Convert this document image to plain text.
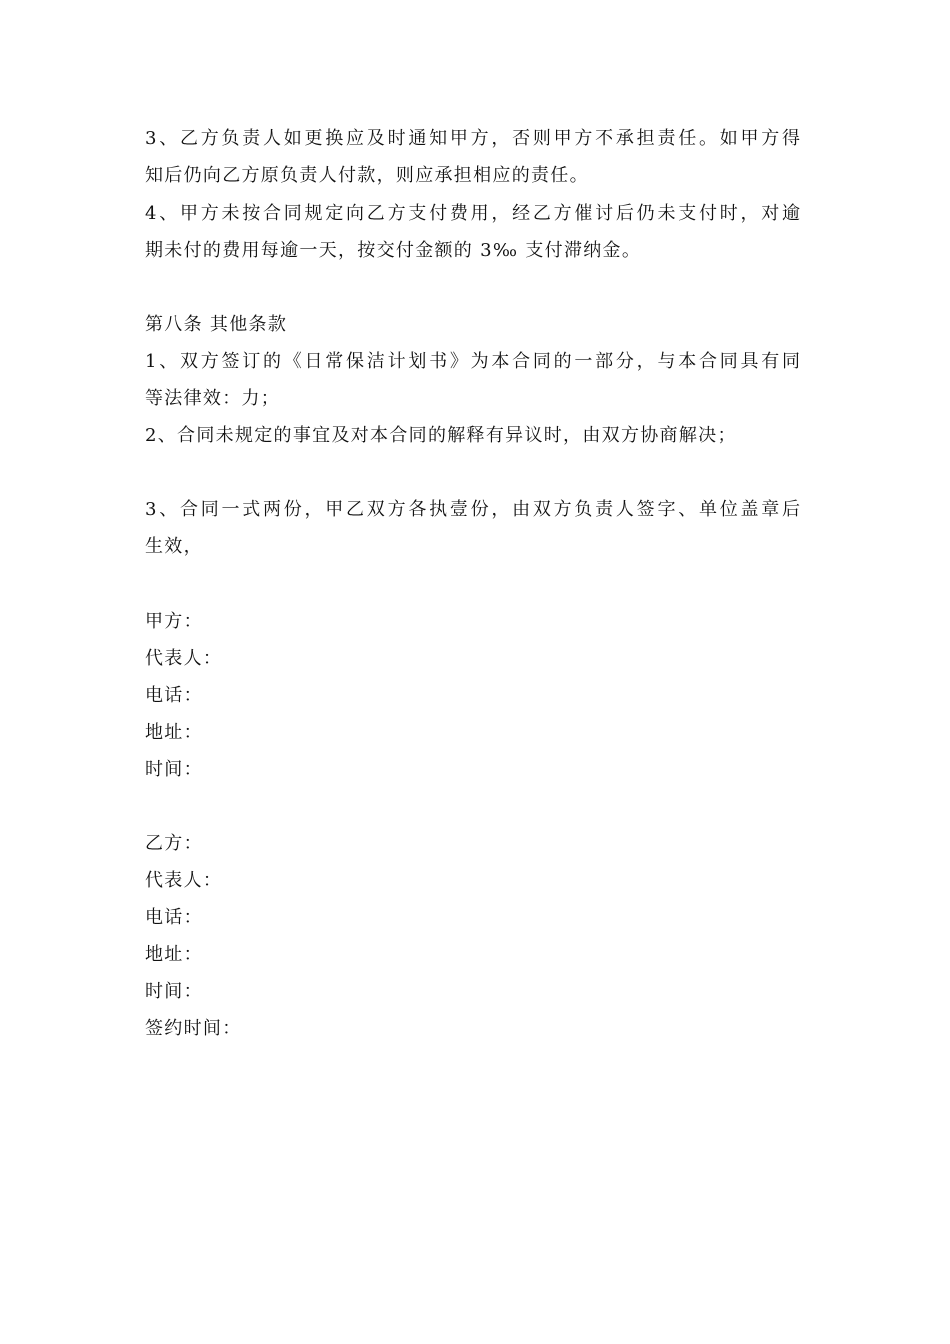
3、乙方负责人如更换应及时通知甲方，否则甲方不承担责任。如甲方得
知后仍向乙方原负责人付款，则应承担相应的责任。
4、甲方未按合同规定向乙方支付费用，经乙方催讨后仍未支付时，对逾
期未付的费用每逾一天，按交付金额的 3‰ 支付滞纳金。
第八条 其他条款
1、双方签订的《日常保洁计划书》为本合同的一部分，与本合同具有同
等法律效：力；
2、合同未规定的事宜及对本合同的解释有异议时，由双方协商解决；
3、合同一式两份，甲乙双方各执壹份，由双方负责人签字、单位盖章后
生效，
甲方：
代表人：
电话：
地址：
时间：
乙方：
代表人：
电话：
地址：
时间：
签约时间：
